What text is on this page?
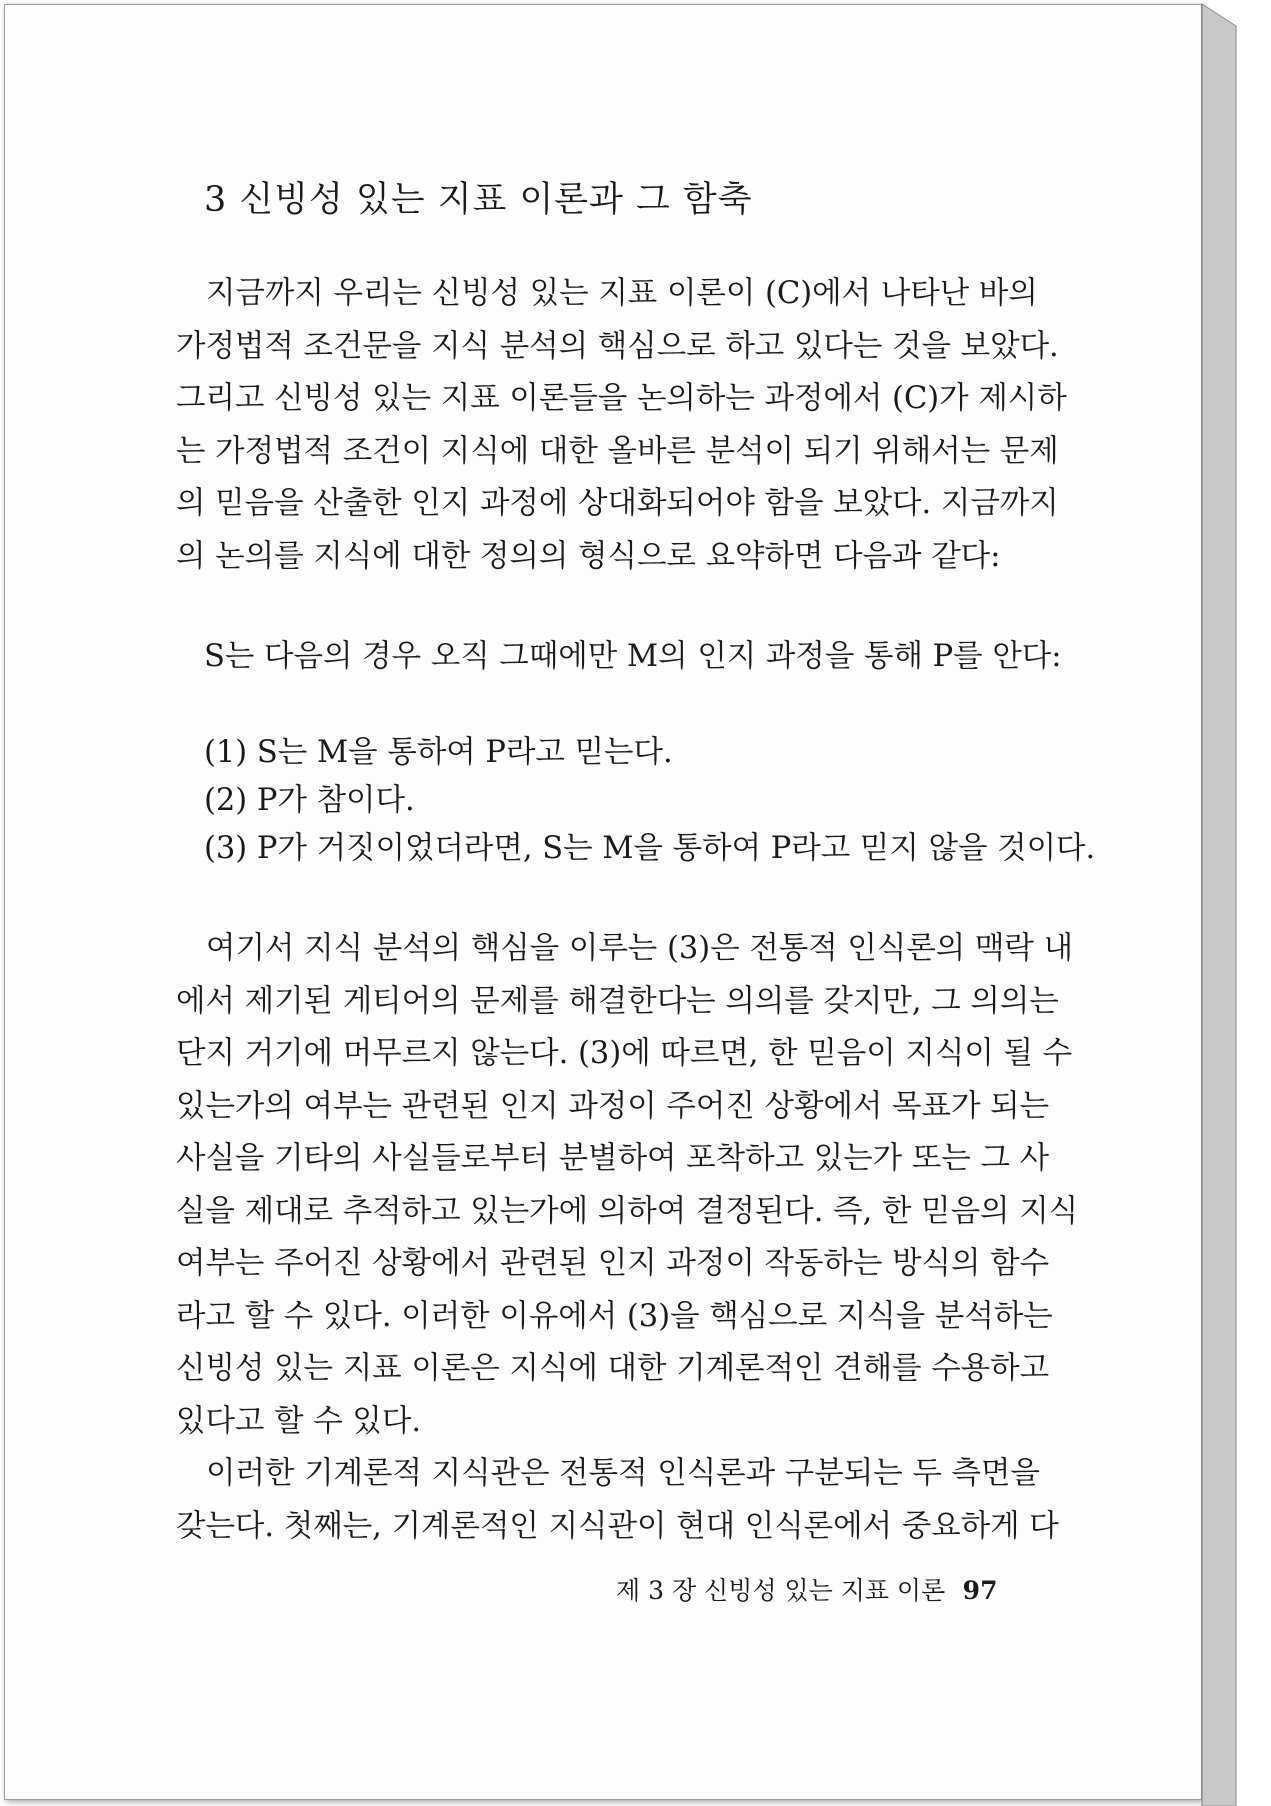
3 신빙성 있는 지표 이론과 그 함축

지금까지 우리는 신빙성 있는 지표 이론이 (C)에서 나타난 바의
가정법적 조건문을 지식 분석의 핵심으로 하고 있다는 것을 보았다.
그리고 신빙성 있는 지표 이론들을 논의하는 과정에서 (C)가 제시하
는 가정법적 조건이 지식에 대한 올바른 분석이 되기 위해서는 문제
의 믿음을 산출한 인지 과정에 상대화되어야 함을 보았다. 지금까지
의 논의를 지식에 대한 정의의 형식으로 요약하면 다음과 같다:

S는 다음의 경우 오직 그때에만 M의 인지 과정을 통해 P를 안다:
(1) S는 M을 통하여 P라고 믿는다.
(2) P가 참이다.
(3) P가 거짓이었더라면, S는 M을 통하여 P라고 믿지 않을 것이다.

여기서 지식 분석의 핵심을 이루는 (3)은 전통적 인식론의 맥락 내
에서 제기된 게티어의 문제를 해결한다는 의의를 갖지만, 그 의의는
단지 거기에 머무르지 않는다. (3)에 따르면, 한 믿음이 지식이 될 수
있는가의 여부는 관련된 인지 과정이 주어진 상황에서 목표가 되는
사실을 기타의 사실들로부터 분별하여 포착하고 있는가 또는 그 사
실을 제대로 추적하고 있는가에 의하여 결정된다. 즉, 한 믿음의 지식
여부는 주어진 상황에서 관련된 인지 과정이 작동하는 방식의 함수
라고 할 수 있다. 이러한 이유에서 (3)을 핵심으로 지식을 분석하는
신빙성 있는 지표 이론은 지식에 대한 기계론적인 견해를 수용하고
있다고 할 수 있다.

이러한 기계론적 지식관은 전통적 인식론과 구분되는 두 측면을
갖는다. 첫째는, 기계론적인 지식관이 현대 인식론에서 중요하게 다

제 3 장 신빙성 있는 지표 이론 97
